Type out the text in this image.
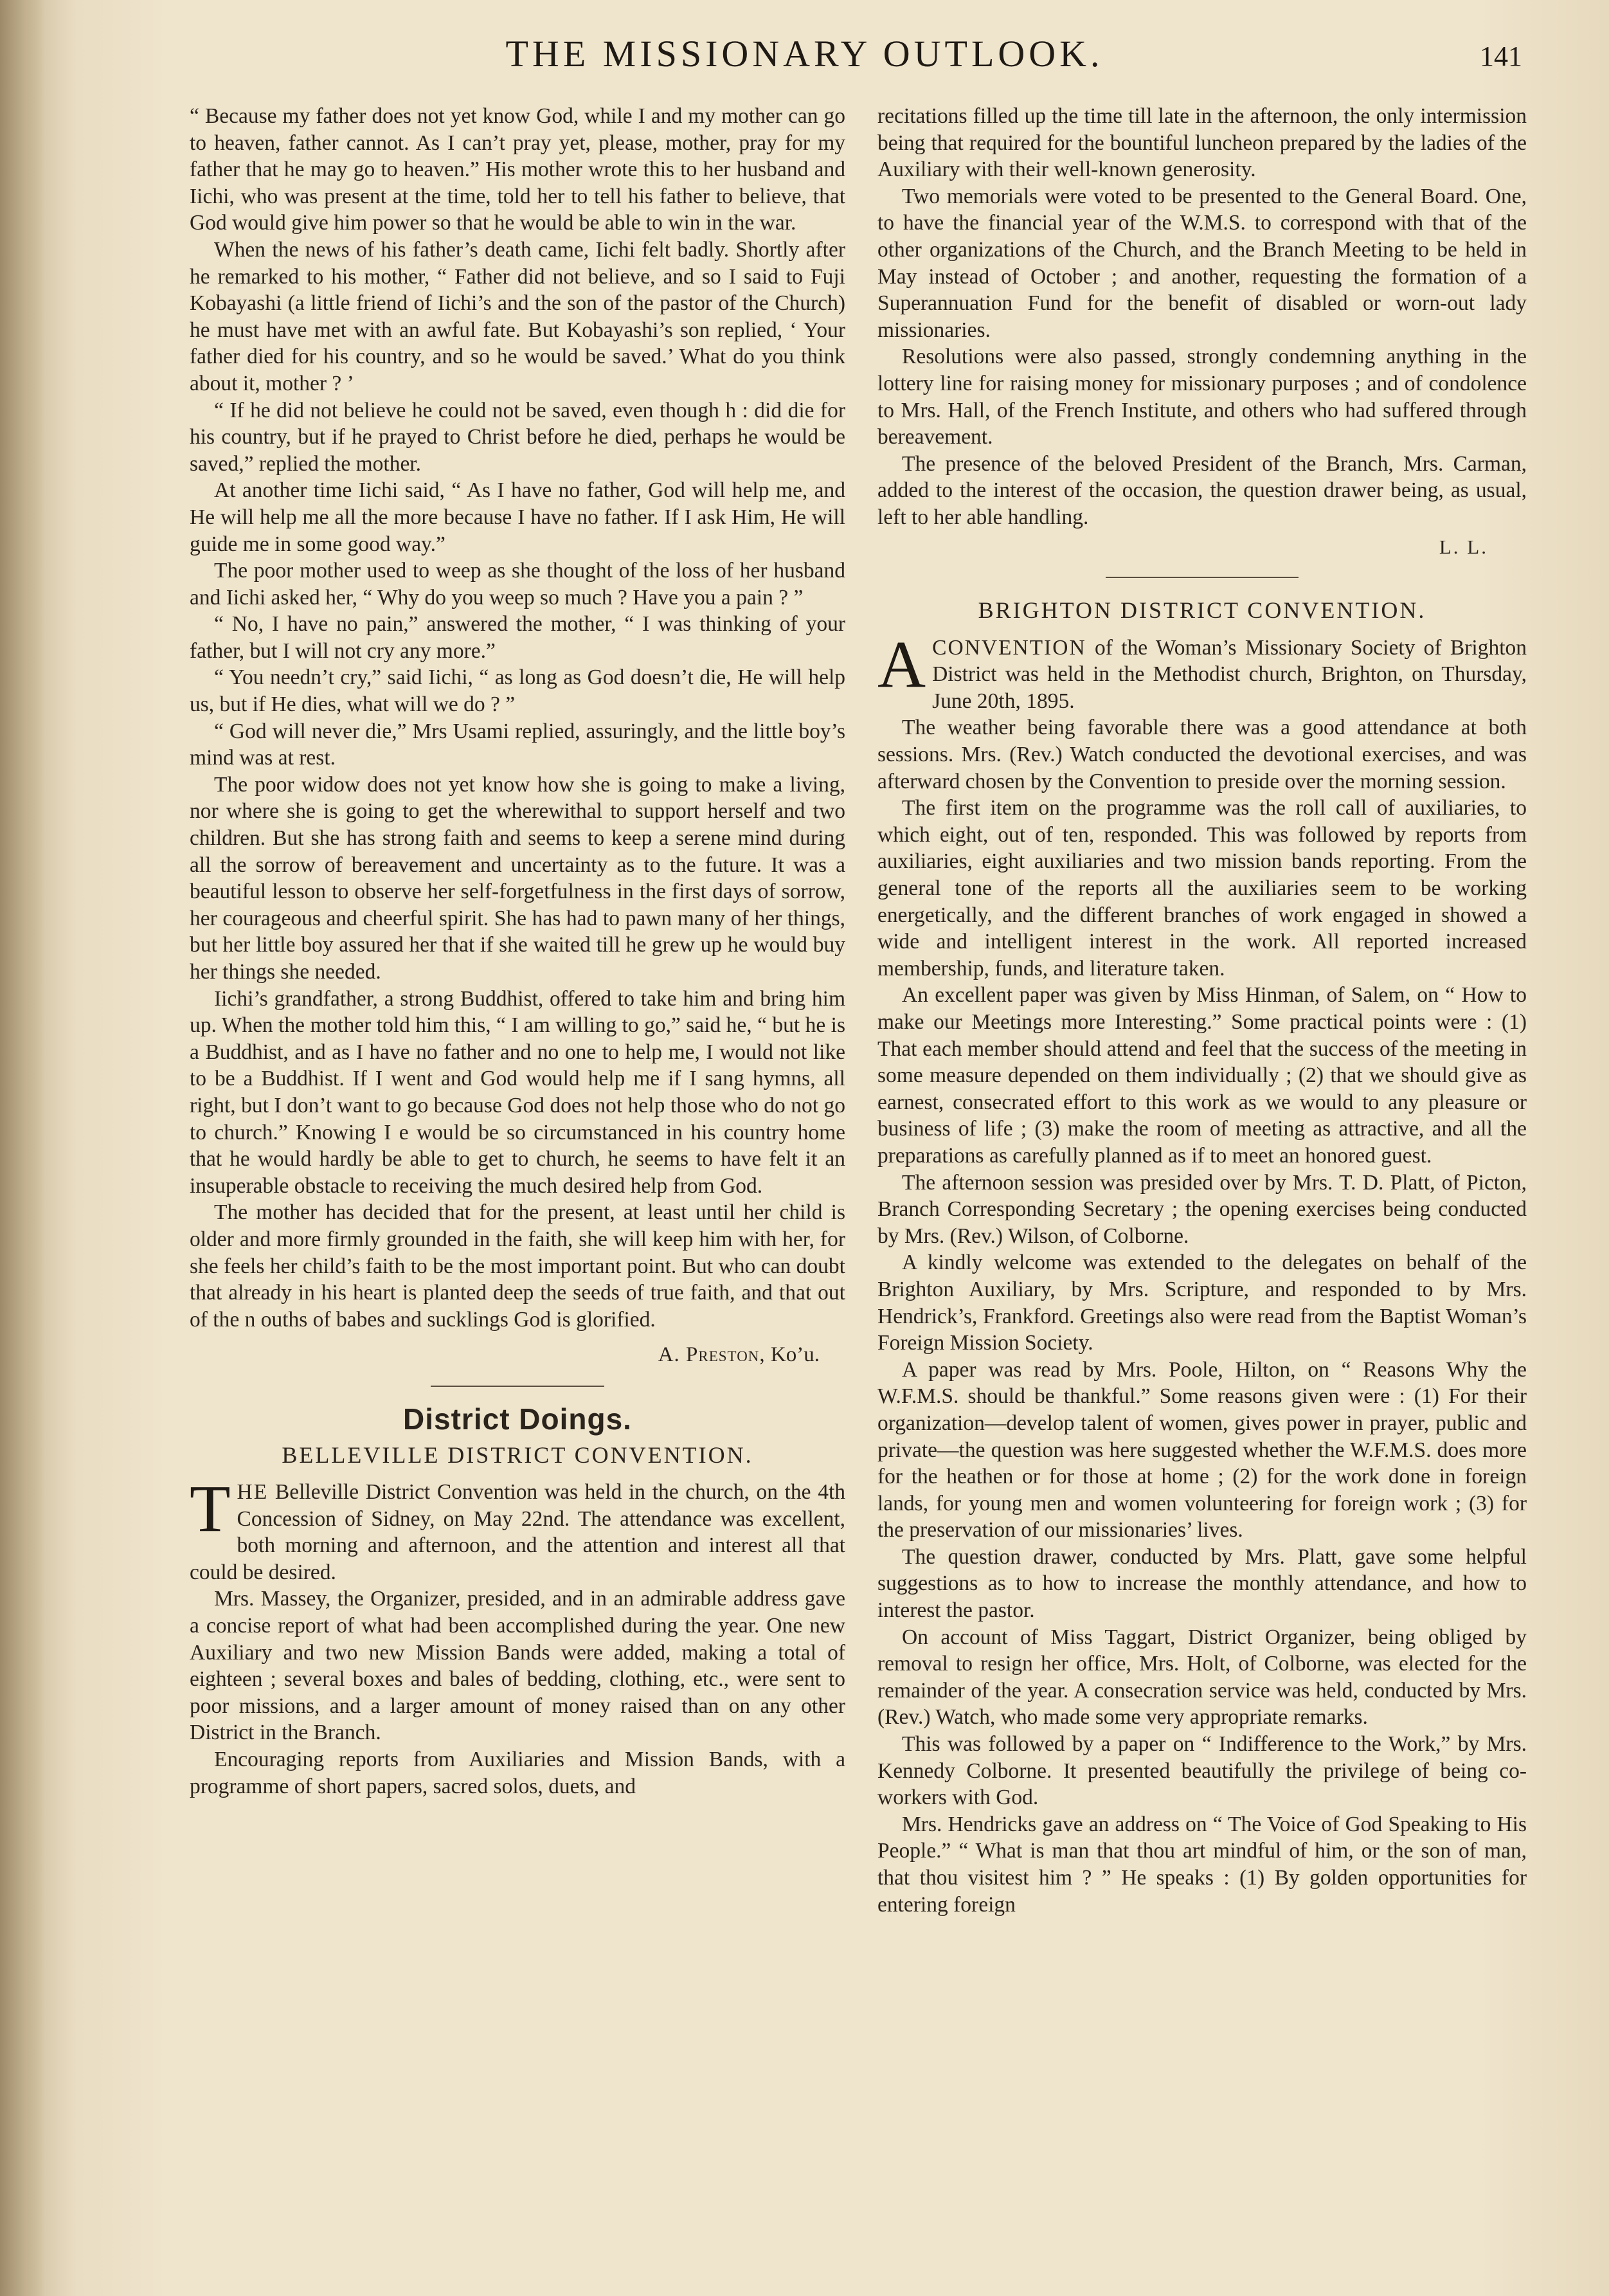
THE MISSIONARY OUTLOOK.	141

“ Because my father does not yet know God, while I and my mother can go to heaven, father cannot. As I can’t pray yet, please, mother, pray for my father that he may go to heaven.” His mother wrote this to her husband and Iichi, who was present at the time, told her to tell his father to believe, that God would give him power so that he would be able to win in the war.

When the news of his father’s death came, Iichi felt badly. Shortly after he remarked to his mother, “ Father did not believe, and so I said to Fuji Kobayashi (a little friend of Iichi’s and the son of the pastor of the Church) he must have met with an awful fate. But Kobayashi’s son replied, ‘ Your father died for his country, and so he would be saved.’ What do you think about it, mother ? ’

“ If he did not believe he could not be saved, even though h : did die for his country, but if he prayed to Christ before he died, perhaps he would be saved,” replied the mother.

At another time Iichi said, “ As I have no father, God will help me, and He will help me all the more because I have no father. If I ask Him, He will guide me in some good way.”

The poor mother used to weep as she thought of the loss of her husband and Iichi asked her, “ Why do you weep so much ? Have you a pain ? ”

“ No, I have no pain,” answered the mother, “ I was thinking of your father, but I will not cry any more.”

“ You needn’t cry,” said Iichi, “ as long as God doesn’t die, He will help us, but if He dies, what will we do ? ”

“ God will never die,” Mrs Usami replied, assuringly, and the little boy’s mind was at rest.

The poor widow does not yet know how she is going to make a living, nor where she is going to get the wherewithal to support herself and two children. But she has strong faith and seems to keep a serene mind during all the sorrow of bereavement and uncertainty as to the future. It was a beautiful lesson to observe her self-forgetfulness in the first days of sorrow, her courageous and cheerful spirit. She has had to pawn many of her things, but her little boy assured her that if she waited till he grew up he would buy her things she needed.

Iichi’s grandfather, a strong Buddhist, offered to take him and bring him up. When the mother told him this, “ I am willing to go,” said he, “ but he is a Buddhist, and as I have no father and no one to help me, I would not like to be a Buddhist. If I went and God would help me if I sang hymns, all right, but I don’t want to go because God does not help those who do not go to church.” Knowing I e would be so circumstanced in his country home that he would hardly be able to get to church, he seems to have felt it an insuperable obstacle to receiving the much desired help from God.

The mother has decided that for the present, at least until her child is older and more firmly grounded in the faith, she will keep him with her, for she feels her child’s faith to be the most important point. But who can doubt that already in his heart is planted deep the seeds of true faith, and that out of the n ouths of babes and sucklings God is glorified.

A. Preston, Ko’u.
District Doings.
BELLEVILLE DISTRICT CONVENTION.

THE Belleville District Convention was held in the church, on the 4th Concession of Sidney, on May 22nd. The attendance was excellent, both morning and afternoon, and the attention and interest all that could be desired.

Mrs. Massey, the Organizer, presided, and in an admirable address gave a concise report of what had been accomplished during the year. One new Auxiliary and two new Mission Bands were added, making a total of eighteen ; several boxes and bales of bedding, clothing, etc., were sent to poor missions, and a larger amount of money raised than on any other District in the Branch.

Encouraging reports from Auxiliaries and Mission Bands, with a programme of short papers, sacred solos, duets, and

recitations filled up the time till late in the afternoon, the only intermission being that required for the bountiful luncheon prepared by the ladies of the Auxiliary with their well-known generosity.

Two memorials were voted to be presented to the General Board. One, to have the financial year of the W.M.S. to correspond with that of the other organizations of the Church, and the Branch Meeting to be held in May instead of October ; and another, requesting the formation of a Superannuation Fund for the benefit of disabled or worn-out lady missionaries.

Resolutions were also passed, strongly condemning anything in the lottery line for raising money for missionary purposes ; and of condolence to Mrs. Hall, of the French Institute, and others who had suffered through bereavement.

The presence of the beloved President of the Branch, Mrs. Carman, added to the interest of the occasion, the question drawer being, as usual, left to her able handling.

L. L.
BRIGHTON DISTRICT CONVENTION.

ACONVENTION of the Woman’s Missionary Society of Brighton District was held in the Methodist church, Brighton, on Thursday, June 20th, 1895.

The weather being favorable there was a good attendance at both sessions. Mrs. (Rev.) Watch conducted the devotional exercises, and was afterward chosen by the Convention to preside over the morning session.

The first item on the programme was the roll call of auxiliaries, to which eight, out of ten, responded. This was followed by reports from auxiliaries, eight auxiliaries and two mission bands reporting. From the general tone of the reports all the auxiliaries seem to be working energetically, and the different branches of work engaged in showed a wide and intelligent interest in the work. All reported increased membership, funds, and literature taken.

An excellent paper was given by Miss Hinman, of Salem, on “ How to make our Meetings more Interesting.” Some practical points were : (1) That each member should attend and feel that the success of the meeting in some measure depended on them individually ; (2) that we should give as earnest, consecrated effort to this work as we would to any pleasure or business of life ; (3) make the room of meeting as attractive, and all the preparations as carefully planned as if to meet an honored guest.

The afternoon session was presided over by Mrs. T. D. Platt, of Picton, Branch Corresponding Secretary ; the opening exercises being conducted by Mrs. (Rev.) Wilson, of Colborne.

A kindly welcome was extended to the delegates on behalf of the Brighton Auxiliary, by Mrs. Scripture, and responded to by Mrs. Hendrick’s, Frankford. Greetings also were read from the Baptist Woman’s Foreign Mission Society.

A paper was read by Mrs. Poole, Hilton, on “ Reasons Why the W.F.M.S. should be thankful.” Some reasons given were : (1) For their organization—develop talent of women, gives power in prayer, public and private—the question was here suggested whether the W.F.M.S. does more for the heathen or for those at home ; (2) for the work done in foreign lands, for young men and women volunteering for foreign work ; (3) for the preservation of our missionaries’ lives.

The question drawer, conducted by Mrs. Platt, gave some helpful suggestions as to how to increase the monthly attendance, and how to interest the pastor.

On account of Miss Taggart, District Organizer, being obliged by removal to resign her office, Mrs. Holt, of Colborne, was elected for the remainder of the year. A consecration service was held, conducted by Mrs. (Rev.) Watch, who made some very appropriate remarks.

This was followed by a paper on “ Indifference to the Work,” by Mrs. Kennedy Colborne. It presented beautifully the privilege of being co-workers with God.

Mrs. Hendricks gave an address on “ The Voice of God Speaking to His People.” “ What is man that thou art mindful of him, or the son of man, that thou visitest him ? ” He speaks : (1) By golden opportunities for entering foreign
